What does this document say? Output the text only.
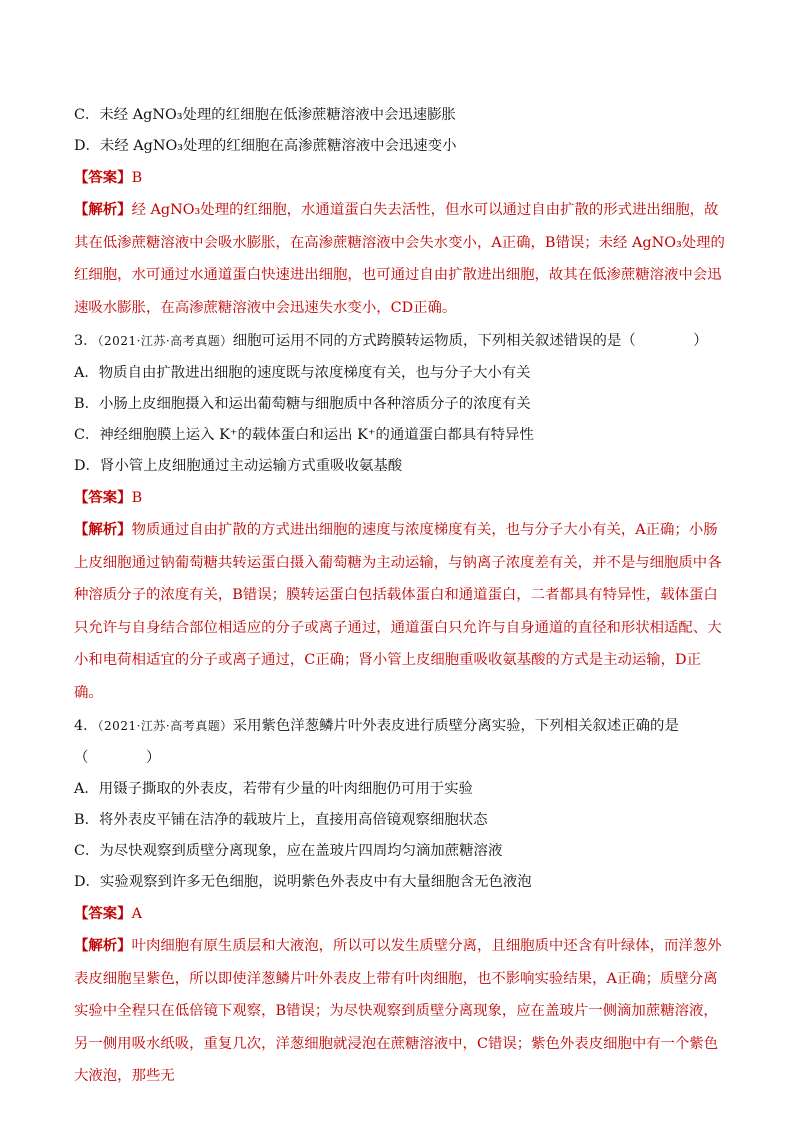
C．未经 AgNO₃处理的红细胞在低渗蔗糖溶液中会迅速膨胀
D．未经 AgNO₃处理的红细胞在高渗蔗糖溶液中会迅速变小
【答案】B
【解析】经 AgNO₃处理的红细胞，水通道蛋白失去活性，但水可以通过自由扩散的形式进出细胞，故其在低渗蔗糖溶液中会吸水膨胀，在高渗蔗糖溶液中会失水变小，A正确，B错误；未经 AgNO₃处理的红细胞，水可通过水通道蛋白快速进出细胞，也可通过自由扩散进出细胞，故其在低渗蔗糖溶液中会迅速吸水膨胀，在高渗蔗糖溶液中会迅速失水变小，CD正确。
3．（2021·江苏·高考真题）细胞可运用不同的方式跨膜转运物质，下列相关叙述错误的是（　　　　）
A．物质自由扩散进出细胞的速度既与浓度梯度有关，也与分子大小有关
B．小肠上皮细胞摄入和运出葡萄糖与细胞质中各种溶质分子的浓度有关
C．神经细胞膜上运入 K⁺的载体蛋白和运出 K⁺的通道蛋白都具有特异性
D．肾小管上皮细胞通过主动运输方式重吸收氨基酸
【答案】B
【解析】物质通过自由扩散的方式进出细胞的速度与浓度梯度有关，也与分子大小有关，A正确；小肠上皮细胞通过钠葡萄糖共转运蛋白摄入葡萄糖为主动运输，与钠离子浓度差有关，并不是与细胞质中各种溶质分子的浓度有关，B错误；膜转运蛋白包括载体蛋白和通道蛋白，二者都具有特异性，载体蛋白只允许与自身结合部位相适应的分子或离子通过，通道蛋白只允许与自身通道的直径和形状相适配、大小和电荷相适宜的分子或离子通过，C正确；肾小管上皮细胞重吸收氨基酸的方式是主动运输，D正确。
4．（2021·江苏·高考真题）采用紫色洋葱鳞片叶外表皮进行质壁分离实验，下列相关叙述正确的是
（　　　　）
A．用镊子撕取的外表皮，若带有少量的叶肉细胞仍可用于实验
B．将外表皮平铺在洁净的载玻片上，直接用高倍镜观察细胞状态
C．为尽快观察到质壁分离现象，应在盖玻片四周均匀滴加蔗糖溶液
D．实验观察到许多无色细胞，说明紫色外表皮中有大量细胞含无色液泡
【答案】A
【解析】叶肉细胞有原生质层和大液泡，所以可以发生质壁分离，且细胞质中还含有叶绿体，而洋葱外表皮细胞呈紫色，所以即使洋葱鳞片叶外表皮上带有叶肉细胞，也不影响实验结果，A正确；质壁分离实验中全程只在低倍镜下观察，B错误；为尽快观察到质壁分离现象，应在盖玻片一侧滴加蔗糖溶液，另一侧用吸水纸吸，重复几次，洋葱细胞就浸泡在蔗糖溶液中，C错误；紫色外表皮细胞中有一个紫色大液泡，那些无
